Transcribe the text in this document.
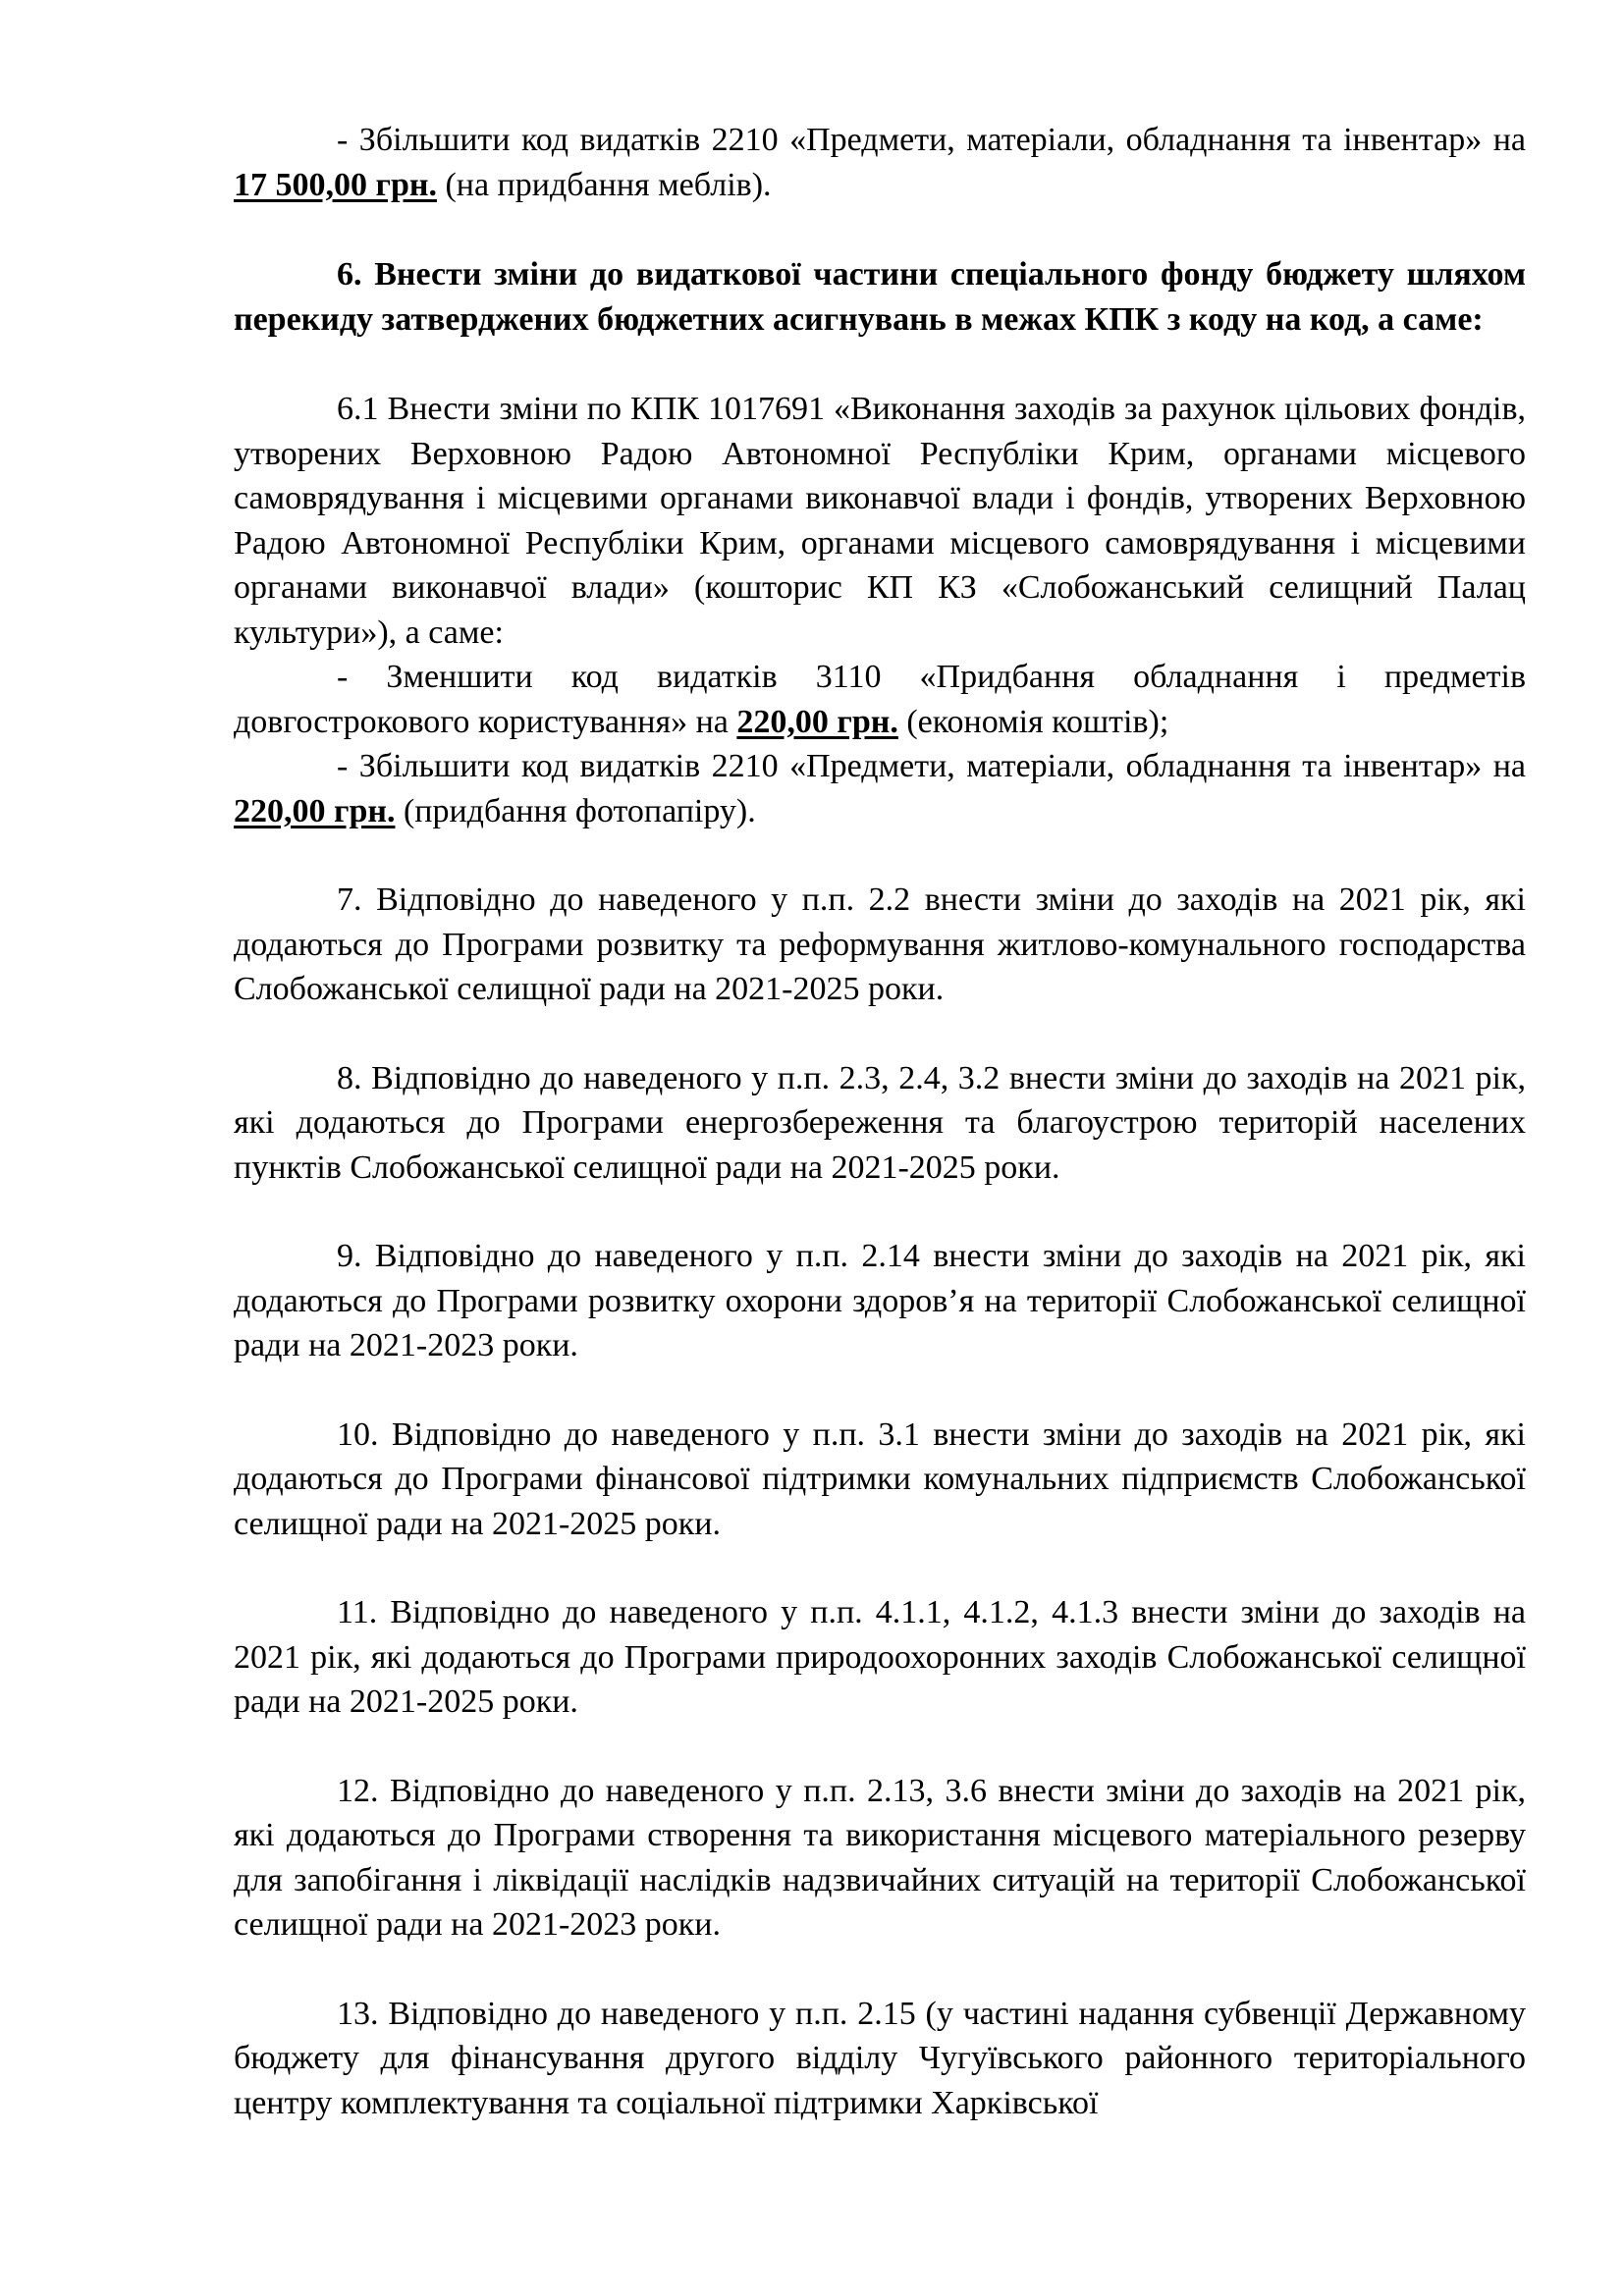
- Збільшити код видатків 2210 «Предмети, матеріали, обладнання та інвентар» на 17 500,00 грн. (на придбання меблів).

6. Внести зміни до видаткової частини спеціального фонду бюджету шляхом перекиду затверджених бюджетних асигнувань в межах КПК з коду на код, а саме:

6.1 Внести зміни по КПК 1017691 «Виконання заходів за рахунок цільових фондів, утворених Верховною Радою Автономної Республіки Крим, органами місцевого самоврядування і місцевими органами виконавчої влади і фондів, утворених Верховною Радою Автономної Республіки Крим, органами місцевого самоврядування і місцевими органами виконавчої влади» (кошторис КП КЗ «Слобожанський селищний Палац культури»), а саме:

- Зменшити код видатків 3110 «Придбання обладнання і предметів довгострокового користування» на 220,00 грн. (економія коштів);

- Збільшити код видатків 2210 «Предмети, матеріали, обладнання та інвентар» на 220,00 грн. (придбання фотопапіру).

7. Відповідно до наведеного у п.п. 2.2 внести зміни до заходів на 2021 рік, які додаються до Програми розвитку та реформування житлово-комунального господарства Слобожанської селищної ради на 2021-2025 роки.

8. Відповідно до наведеного у п.п. 2.3, 2.4, 3.2 внести зміни до заходів на 2021 рік, які додаються до Програми енергозбереження та благоустрою територій населених пунктів Слобожанської селищної ради на 2021-2025 роки.

9. Відповідно до наведеного у п.п. 2.14 внести зміни до заходів на 2021 рік, які додаються до Програми розвитку охорони здоров’я на території Слобожанської селищної ради на 2021-2023 роки.

10. Відповідно до наведеного у п.п. 3.1 внести зміни до заходів на 2021 рік, які додаються до Програми фінансової підтримки комунальних підприємств Слобожанської селищної ради на 2021-2025 роки.

11. Відповідно до наведеного у п.п. 4.1.1, 4.1.2, 4.1.3 внести зміни до заходів на 2021 рік, які додаються до Програми природоохоронних заходів Слобожанської селищної ради на 2021-2025 роки.

12. Відповідно до наведеного у п.п. 2.13, 3.6 внести зміни до заходів на 2021 рік, які додаються до Програми створення та використання місцевого матеріального резерву для запобігання і ліквідації наслідків надзвичайних ситуацій на території Слобожанської селищної ради на 2021-2023 роки.

13. Відповідно до наведеного у п.п. 2.15 (у частині надання субвенції Державному бюджету для фінансування другого відділу Чугуївського районного територіального центру комплектування та соціальної підтримки Харківської
